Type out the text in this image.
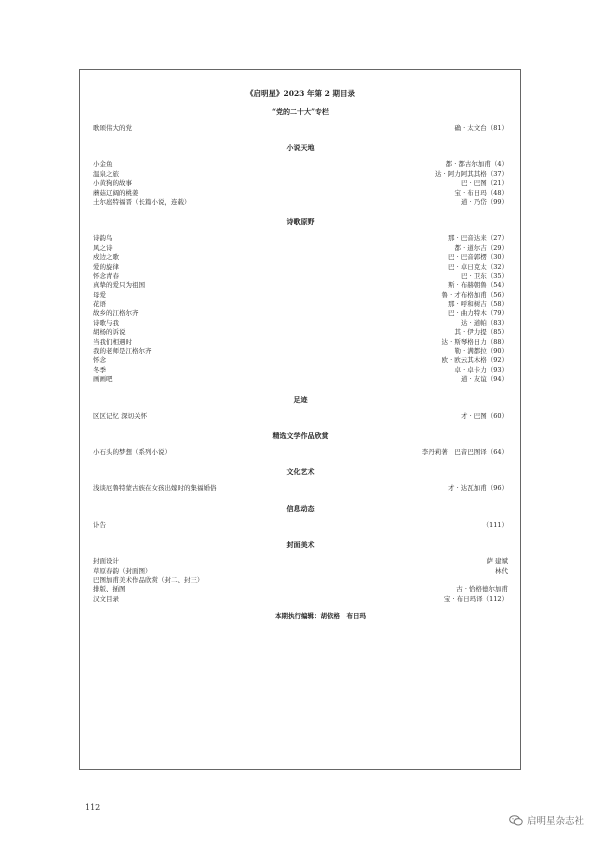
《启明星》2023 年第 2 期目录
“党的二十大”专栏
歌颂伟大的党	确 · 太文台（81）
小说天地
小金鱼	都 · 都古尔加甫（4）
温泉之旅	达 · 阿力阿其其格（37）
小黄狗的故事	巴 · 巴图（21）
蘑菇辽阔的桃姜	宝 · 布日玛（48）
土尔扈特福晋（长篇小说，连载）	道 · 乃岱（99）
诗歌原野
诗韵鸟	那 · 巴音达来（27）
风之诗	都 · 道尔吉（29）
戍边之歌	巴 · 巴音郭楞（30）
爱的旋律	巴 · 卓日克太（32）
怀念青春	巴 · 卫东（35）
真挚的爱只为祖国	斯 · 布赫朝鲁（54）
母爱	鲁 · 才布格加甫（56）
花语	那 · 呼和树吉（58）
故乡的江格尔齐	巴 · 曲力特木（79）
诗歌与我	达 · 道帕（83）
胡杨的诉说	其 · 伊力提（85）
当我们相遇时	达 · 斯琴格日力（88）
我的老师是江格尔齐	勒 · 满都拉（90）
怀念	欧 · 欧云其木格（92）
冬季	卓 · 卓卡力（93）
画画吧	道 · 友谊（94）
足迹
区区记忆 深切关怀	才 · 巴图（60）
精选文学作品欣赏
小石头的梦想（系列小说）	李丹莉著　巴音巴图译（64）
文化艺术
浅谈厄鲁特蒙古族在女孩出嫁时的集福婚俗	才 · 达瓦加甫（96）
信息动态
讣告	（111）
封面美术
封面设计	萨 建斌
草原春韵（封面图）	林代
巴图加甫美术作品欣赏（封二、封三）
排版、插图	古 · 恰格德尔加甫
汉文目录	宝 · 布日玛译（112）
本期执行编辑：胡依格　布日玛
112
启明星杂志社
